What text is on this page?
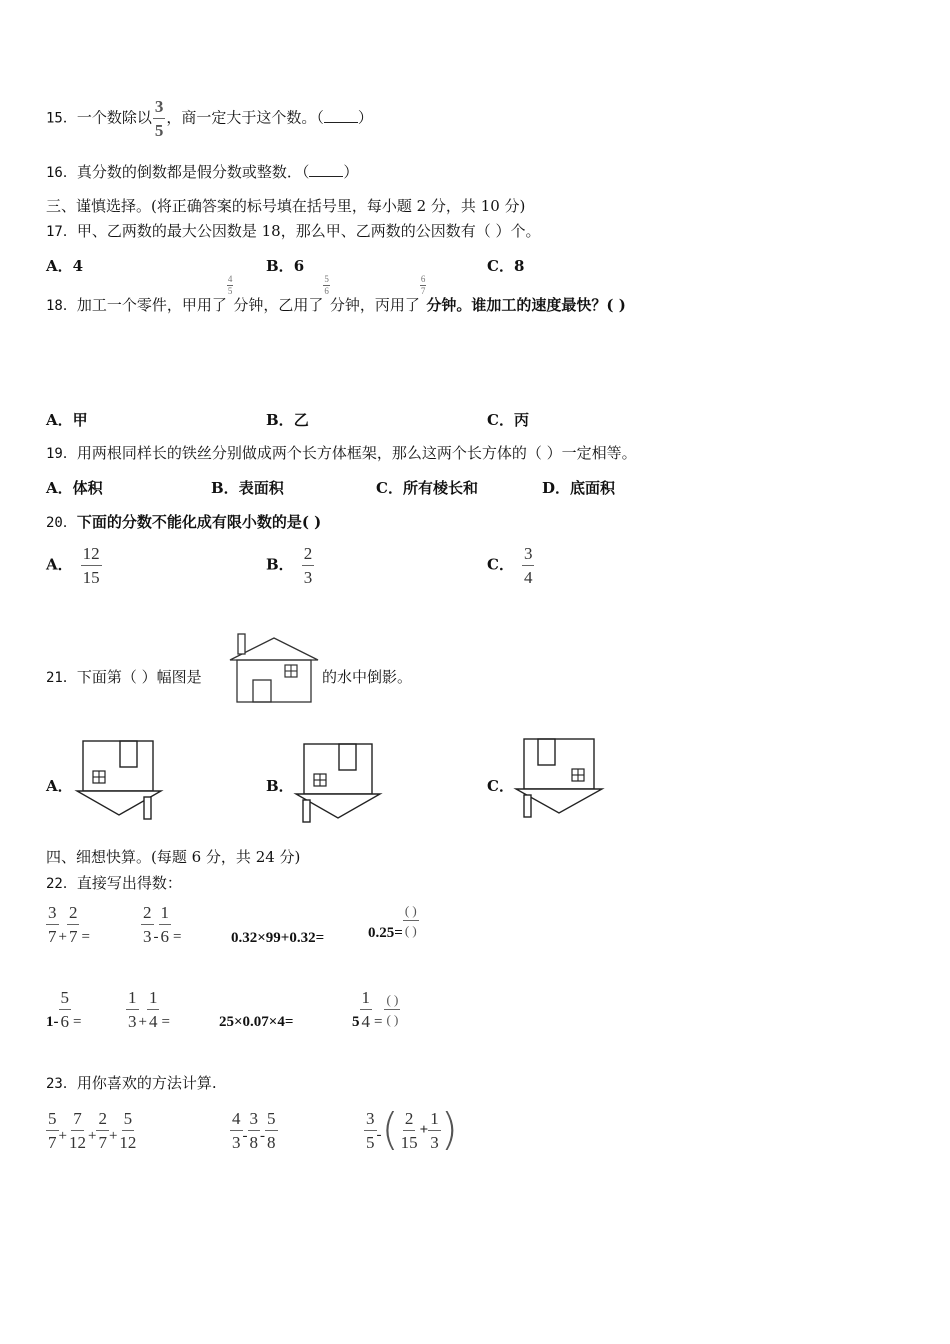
15．一个数除以 $\frac{3}{5}$ ，商一定大于这个数。（ ）
16．真分数的倒数都是假分数或整数．（ ）
三、谨慎选择。(将正确答案的标号填在括号里，每小题 2 分，共 10 分)
17．甲、乙两数的最大公因数是 18，那么甲、乙两数的公因数有（ ）个。
A．4	B．6	C．8
18．加工一个零件，甲用了
$\frac{4}{5}$
分钟，乙用了
$\frac{5}{6}$
分钟，丙用了
$\frac{6}{7}$
分钟。谁加工的速度最快？( )
A．甲	B．乙	C．丙
19．用两根同样长的铁丝分别做成两个长方体框架，那么这两个长方体的（ ）一定相等。
A．体积	B．表面积	C．所有棱长和	D．底面积
20．下面的分数不能化成有限小数的是( )
A． $\frac{12}{15}$	B． $\frac{2}{3}$	C． $\frac{3}{4}$
21．下面第（ ）幅图是	的水中倒影。
A．	B．	C．
四、细想快算。(每题 6 分，共 24 分)
22．直接写出得数：
$\frac{3}{7} + \frac{2}{7}$ =	$\frac{2}{3} - \frac{1}{6}$ =	0.32×99+0.32=	$0.25= \frac{( )}{( )}$
$1- \frac{5}{6}$ =	$\frac{1}{3} + \frac{1}{4}$ =	25×0.07×4=	$5 \frac{1}{4} = \frac{( )}{( )}$
23．用你喜欢的方法计算.
$\frac{5}{7} + \frac{7}{12} + \frac{2}{7} + \frac{5}{12}$	$\frac{4}{3} - \frac{3}{8} - \frac{5}{8}$	$\frac{3}{5}$ -( $\frac{2}{15} + \frac{1}{3}$ )
